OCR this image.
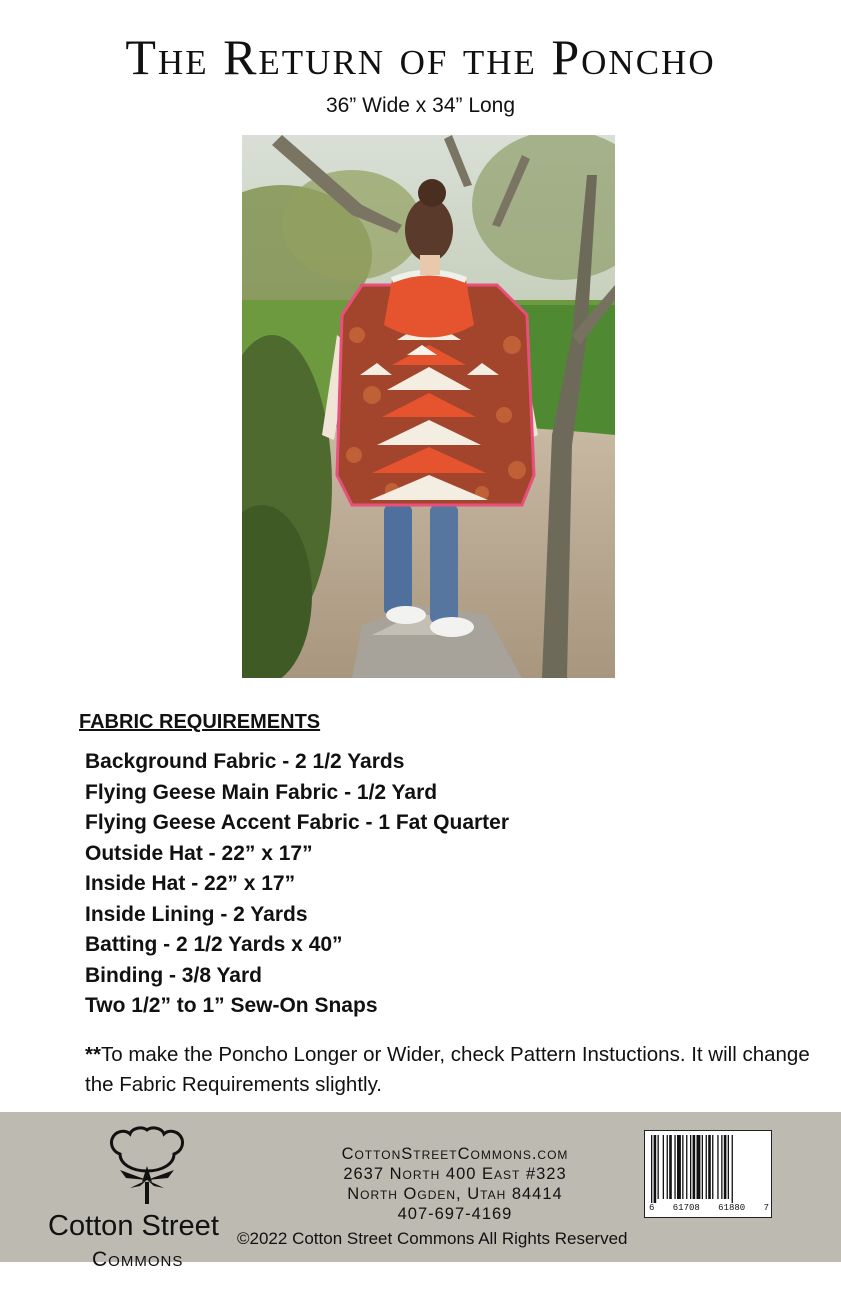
The Return of the Poncho
36” Wide x 34” Long
FABRIC REQUIREMENTS
Background Fabric - 2 1/2 Yards
Flying Geese Main Fabric - 1/2 Yard
Flying Geese Accent Fabric - 1 Fat Quarter
Outside Hat - 22” x 17”
Inside Hat - 22” x 17”
Inside Lining - 2 Yards
Batting - 2 1/2 Yards x 40”
Binding - 3/8 Yard
Two 1/2” to 1” Sew-On Snaps
**To make the Poncho Longer or Wider, check Pattern Instuctions. It will change the Fabric Requirements slightly.
Cotton Street
Commons
CottonStreetCommons.com
2637 North 400 East #323
North Ogden, Utah 84414
407-697-4169
©2022 Cotton Street Commons All Rights Reserved
6 61708 61880 7
